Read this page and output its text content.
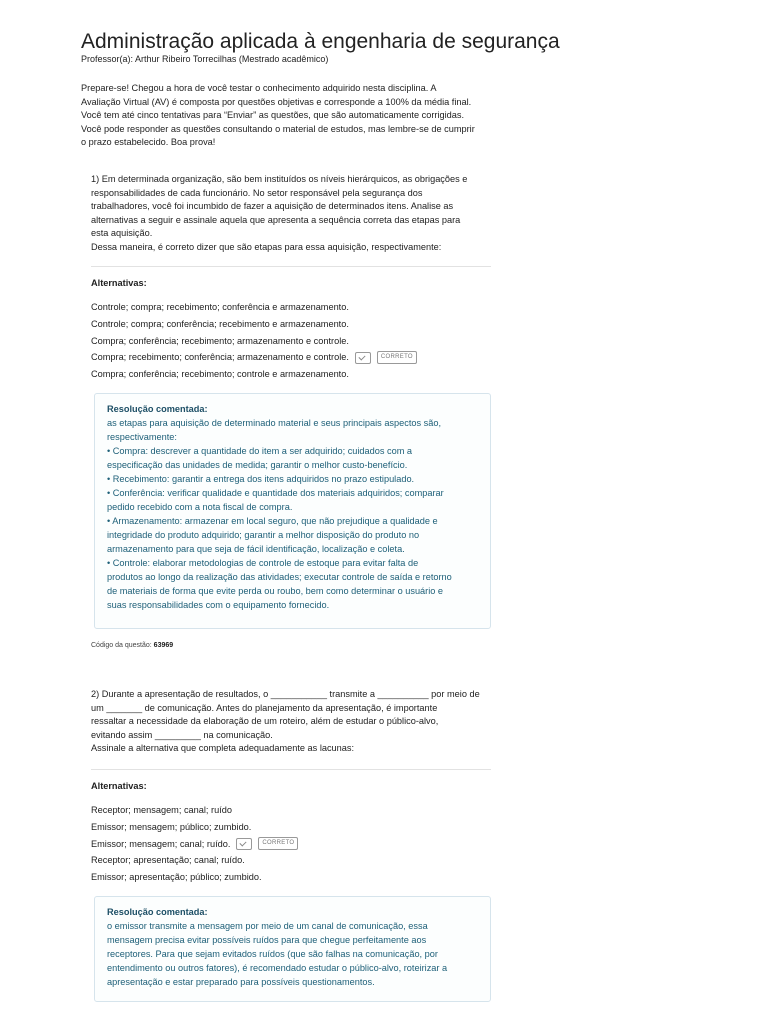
Administração aplicada à engenharia de segurança
Professor(a): Arthur Ribeiro Torrecilhas (Mestrado acadêmico)

Prepare-se! Chegou a hora de você testar o conhecimento adquirido nesta disciplina. A

Avaliação Virtual (AV) é composta por questões objetivas e corresponde a 100% da média final.

Você tem até cinco tentativas para “Enviar” as questões, que são automaticamente corrigidas.

Você pode responder as questões consultando o material de estudos, mas lembre-se de cumprir

o prazo estabelecido. Boa prova!

1) Em determinada organização, são bem instituídos os níveis hierárquicos, as obrigações e

responsabilidades de cada funcionário. No setor responsável pela segurança dos

trabalhadores, você foi incumbido de fazer a aquisição de determinados itens. Analise as

alternativas a seguir e assinale aquela que apresenta a sequência correta das etapas para

esta aquisição.

Dessa maneira, é correto dizer que são etapas para essa aquisição, respectivamente:

Alternativas:
Controle; compra; recebimento; conferência e armazenamento.
Controle; compra; conferência; recebimento e armazenamento.
Compra; conferência; recebimento; armazenamento e controle.
Compra; recebimento; conferência; armazenamento e controle.	CORRETO
Compra; conferência; recebimento; controle e armazenamento.

Resolução comentada:

as etapas para aquisição de determinado material e seus principais aspectos são,

respectivamente:

• Compra: descrever a quantidade do item a ser adquirido; cuidados com a

especificação das unidades de medida; garantir o melhor custo-benefício.

• Recebimento: garantir a entrega dos itens adquiridos no prazo estipulado.

• Conferência: verificar qualidade e quantidade dos materiais adquiridos; comparar

pedido recebido com a nota fiscal de compra.

• Armazenamento: armazenar em local seguro, que não prejudique a qualidade e

integridade do produto adquirido; garantir a melhor disposição do produto no

armazenamento para que seja de fácil identificação, localização e coleta.

• Controle: elaborar metodologias de controle de estoque para evitar falta de

produtos ao longo da realização das atividades; executar controle de saída e retorno

de materiais de forma que evite perda ou roubo, bem como determinar o usuário e

suas responsabilidades com o equipamento fornecido.

Código da questão: 63969

2) Durante a apresentação de resultados, o ___________ transmite a __________ por meio de

um _______ de comunicação. Antes do planejamento da apresentação, é importante

ressaltar a necessidade da elaboração de um roteiro, além de estudar o público-alvo,

evitando assim _________ na comunicação.

Assinale a alternativa que completa adequadamente as lacunas:

Alternativas:
Receptor; mensagem; canal; ruído
Emissor; mensagem; público; zumbido.
Emissor; mensagem; canal; ruído.	CORRETO
Receptor; apresentação; canal; ruído.
Emissor; apresentação; público; zumbido.

Resolução comentada:

o emissor transmite a mensagem por meio de um canal de comunicação, essa

mensagem precisa evitar possíveis ruídos para que chegue perfeitamente aos

receptores. Para que sejam evitados ruídos (que são falhas na comunicação, por

entendimento ou outros fatores), é recomendado estudar o público-alvo, roteirizar a

apresentação e estar preparado para possíveis questionamentos.
